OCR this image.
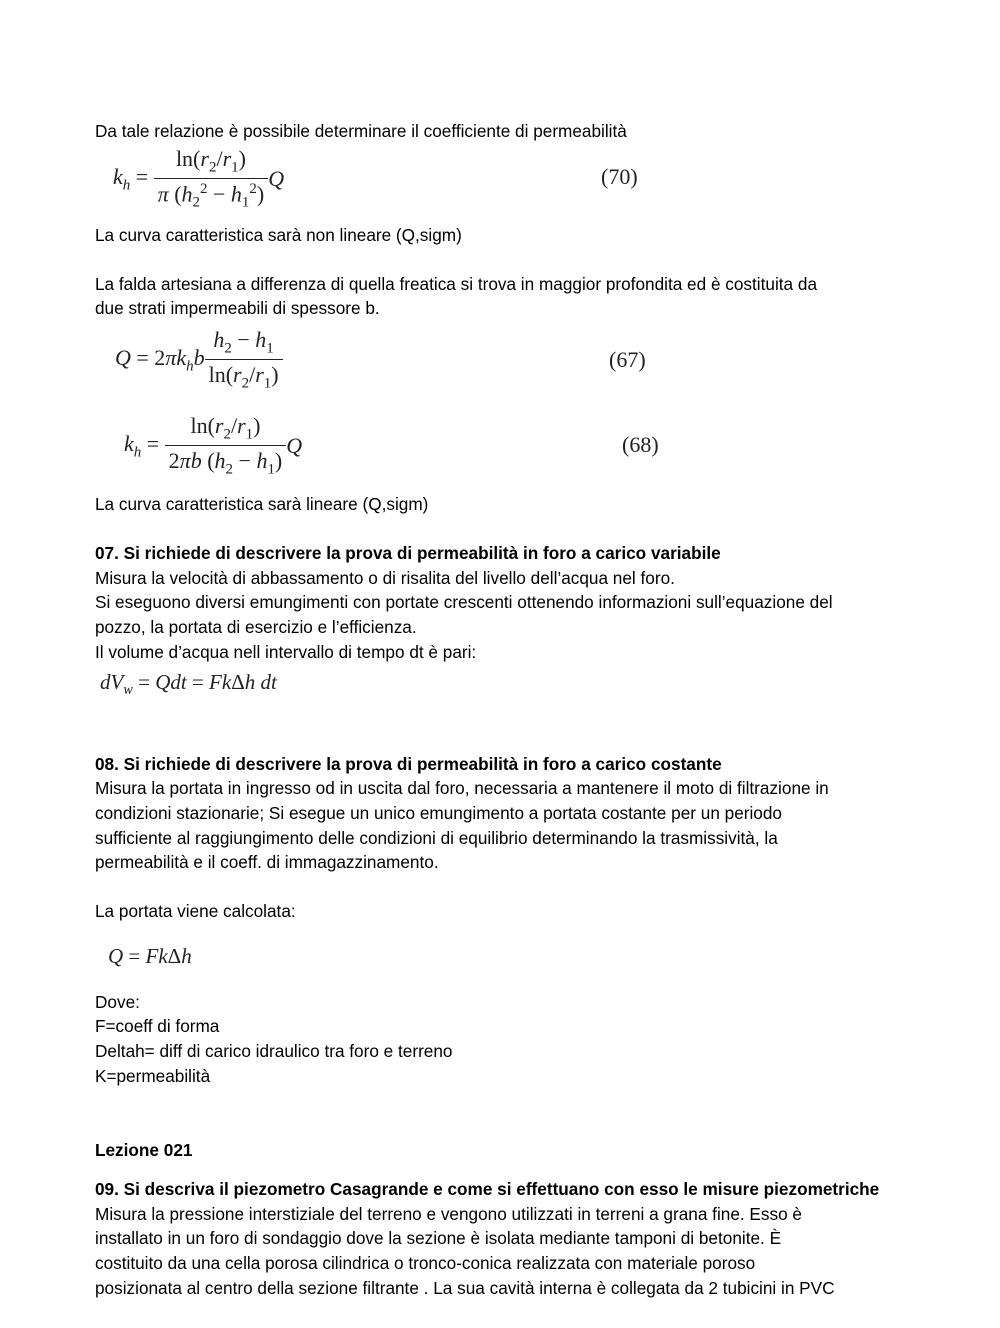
Da tale relazione è possibile determinare il coefficiente di permeabilità

$k_h = \frac{\ln(r_2/r_1)}{\pi (h_2^2 - h_1^2)}$ Q	(70)

La curva caratteristica sarà non lineare (Q,sigm)

La falda artesiana a differenza di quella freatica si trova in maggior profondita ed è costituita da

due strati impermeabili di spessore b.

$Q = 2\pi k_hb \frac{h_2 - h_1}{\ln(r_2/r_1)}$	(67)
$k_h = \frac{\ln(r_2/r_1)}{2\pi b (h_2 - h_1)}$ Q	(68)

La curva caratteristica sarà lineare (Q,sigm)

07. Si richiede di descrivere la prova di permeabilità in foro a carico variabile

Misura la velocità di abbassamento o di risalita del livello dell’acqua nel foro.

Si eseguono diversi emungimenti con portate crescenti ottenendo informazioni sull’equazione del

pozzo, la portata di esercizio e l’efficienza.

Il volume d’acqua nell intervallo di tempo dt è pari:

$dV_w$ = Qdt = FkΔh dt

08. Si richiede di descrivere la prova di permeabilità in foro a carico costante

Misura la portata in ingresso od in uscita dal foro, necessaria a mantenere il moto di filtrazione in

condizioni stazionarie; Si esegue un unico emungimento a portata costante per un periodo

sufficiente al raggiungimento delle condizioni di equilibrio determinando la trasmissività, la

permeabilità e il coeff. di immagazzinamento.

La portata viene calcolata:

Q = FkΔh

Dove:

F=coeff di forma

Deltah= diff di carico idraulico tra foro e terreno

K=permeabilità

Lezione 021

09. Si descriva il piezometro Casagrande e come si effettuano con esso le misure piezometriche

Misura la pressione interstiziale del terreno e vengono utilizzati in terreni a grana fine. Esso è

installato in un foro di sondaggio dove la sezione è isolata mediante tamponi di betonite. È

costituito da una cella porosa cilindrica o tronco-conica realizzata con materiale poroso

posizionata al centro della sezione filtrante . La sua cavità interna è collegata da 2 tubicini in PVC
